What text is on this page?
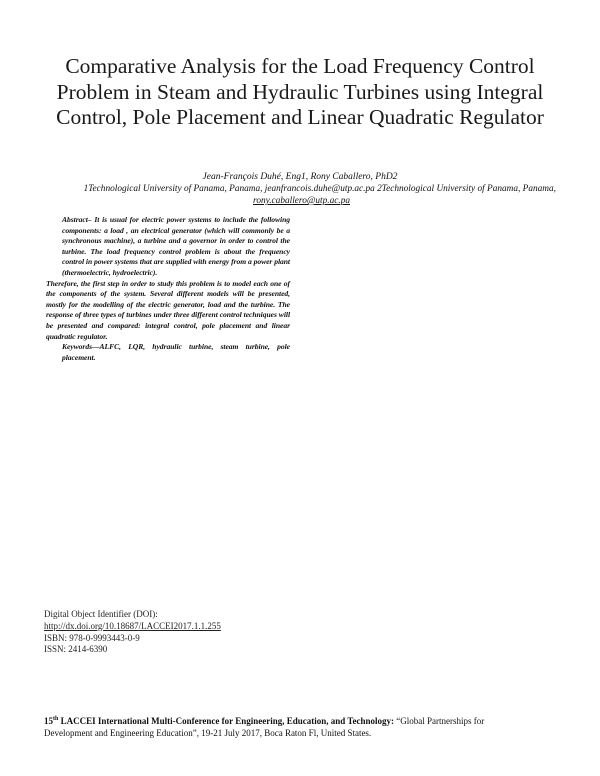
Comparative Analysis for the Load Frequency Control Problem in Steam and Hydraulic Turbines using Integral Control, Pole Placement and Linear Quadratic Regulator
Jean-François Duhé, Eng1, Rony Caballero, PhD2
1Technological University of Panama, Panama, jeanfrancois.duhe@utp.ac.pa 2Technological University of Panama, Panama,
rony.caballero@utp.ac.pa

Abstract– It is usual for electric power systems to include the following components: a load , an electrical generator (which will commonly be a synchronous machine), a turbine and a governor in order to control the turbine. The load frequency control problem is about the frequency control in power systems that are supplied with energy from a power plant (thermoelectric, hydroelectric).

Therefore, the first step in order to study this problem is to model each one of the components of the system. Several different models will be presented, mostly for the modelling of the electric generator, load and the turbine. The response of three types of turbines under three different control techniques will be presented and compared: integral control, pole placement and linear quadratic regulator.

Keywords—ALFC, LQR, hydraulic turbine, steam turbine, pole placement.

Digital Object Identifier (DOI):
http://dx.doi.org/10.18687/LACCEI2017.1.1.255
ISBN: 978-0-9993443-0-9
ISSN: 2414-6390
15th LACCEI International Multi-Conference for Engineering, Education, and Technology: “Global Partnerships for
Development and Engineering Education”, 19-21 July 2017, Boca Raton Fl, United States.
